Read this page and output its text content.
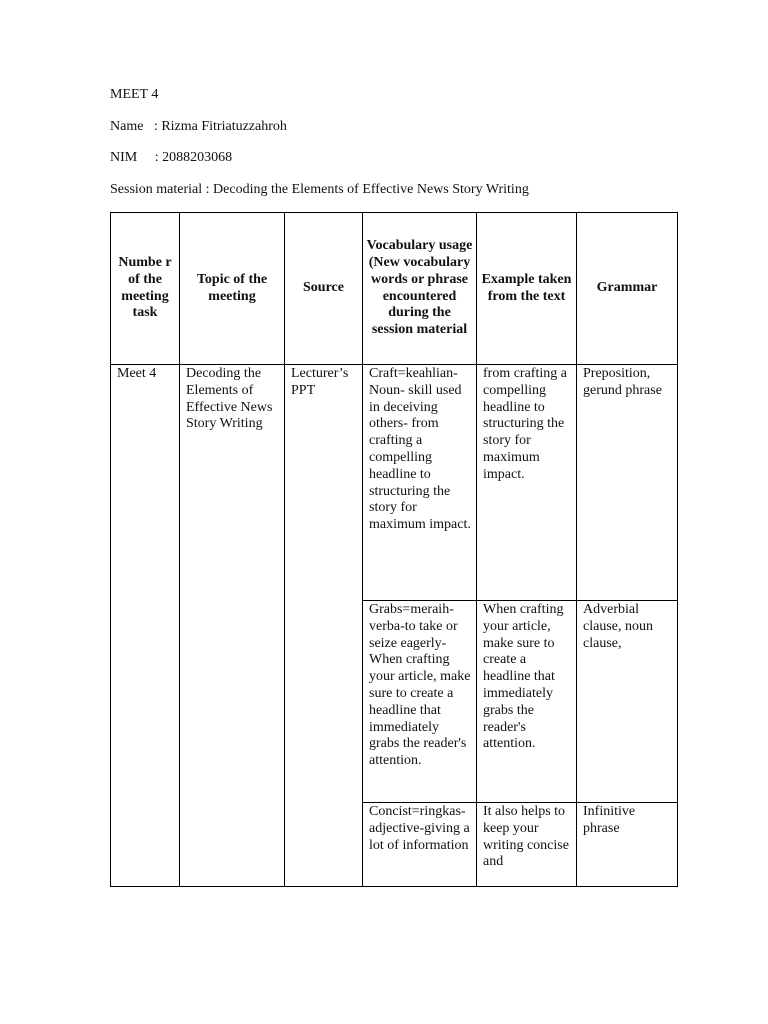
MEET 4
Name   : Rizma Fitriatuzzahroh
NIM     : 2088203068
Session material : Decoding the Elements of Effective News Story Writing
Numbe r of the meeting task	Topic of the meeting	Source	Vocabulary usage (New vocabulary words or phrase encountered during the session material	Example taken from the text	Grammar
Meet 4	Decoding the Elements of Effective News Story Writing	Lecturer’s PPT	Craft=keahlian-Noun- skill used in deceiving others- from crafting a compelling headline to structuring the story for maximum impact.	from crafting a compelling headline to structuring the story for maximum impact.	Preposition, gerund phrase
			Grabs=meraih-verba-to take or seize eagerly-When crafting your article, make sure to create a headline that immediately grabs the reader's attention.	When crafting your article, make sure to create a headline that immediately grabs the reader's attention.	Adverbial clause, noun clause,
			Concist=ringkas-adjective-giving a lot of information	It also helps to keep your writing concise and	Infinitive phrase
